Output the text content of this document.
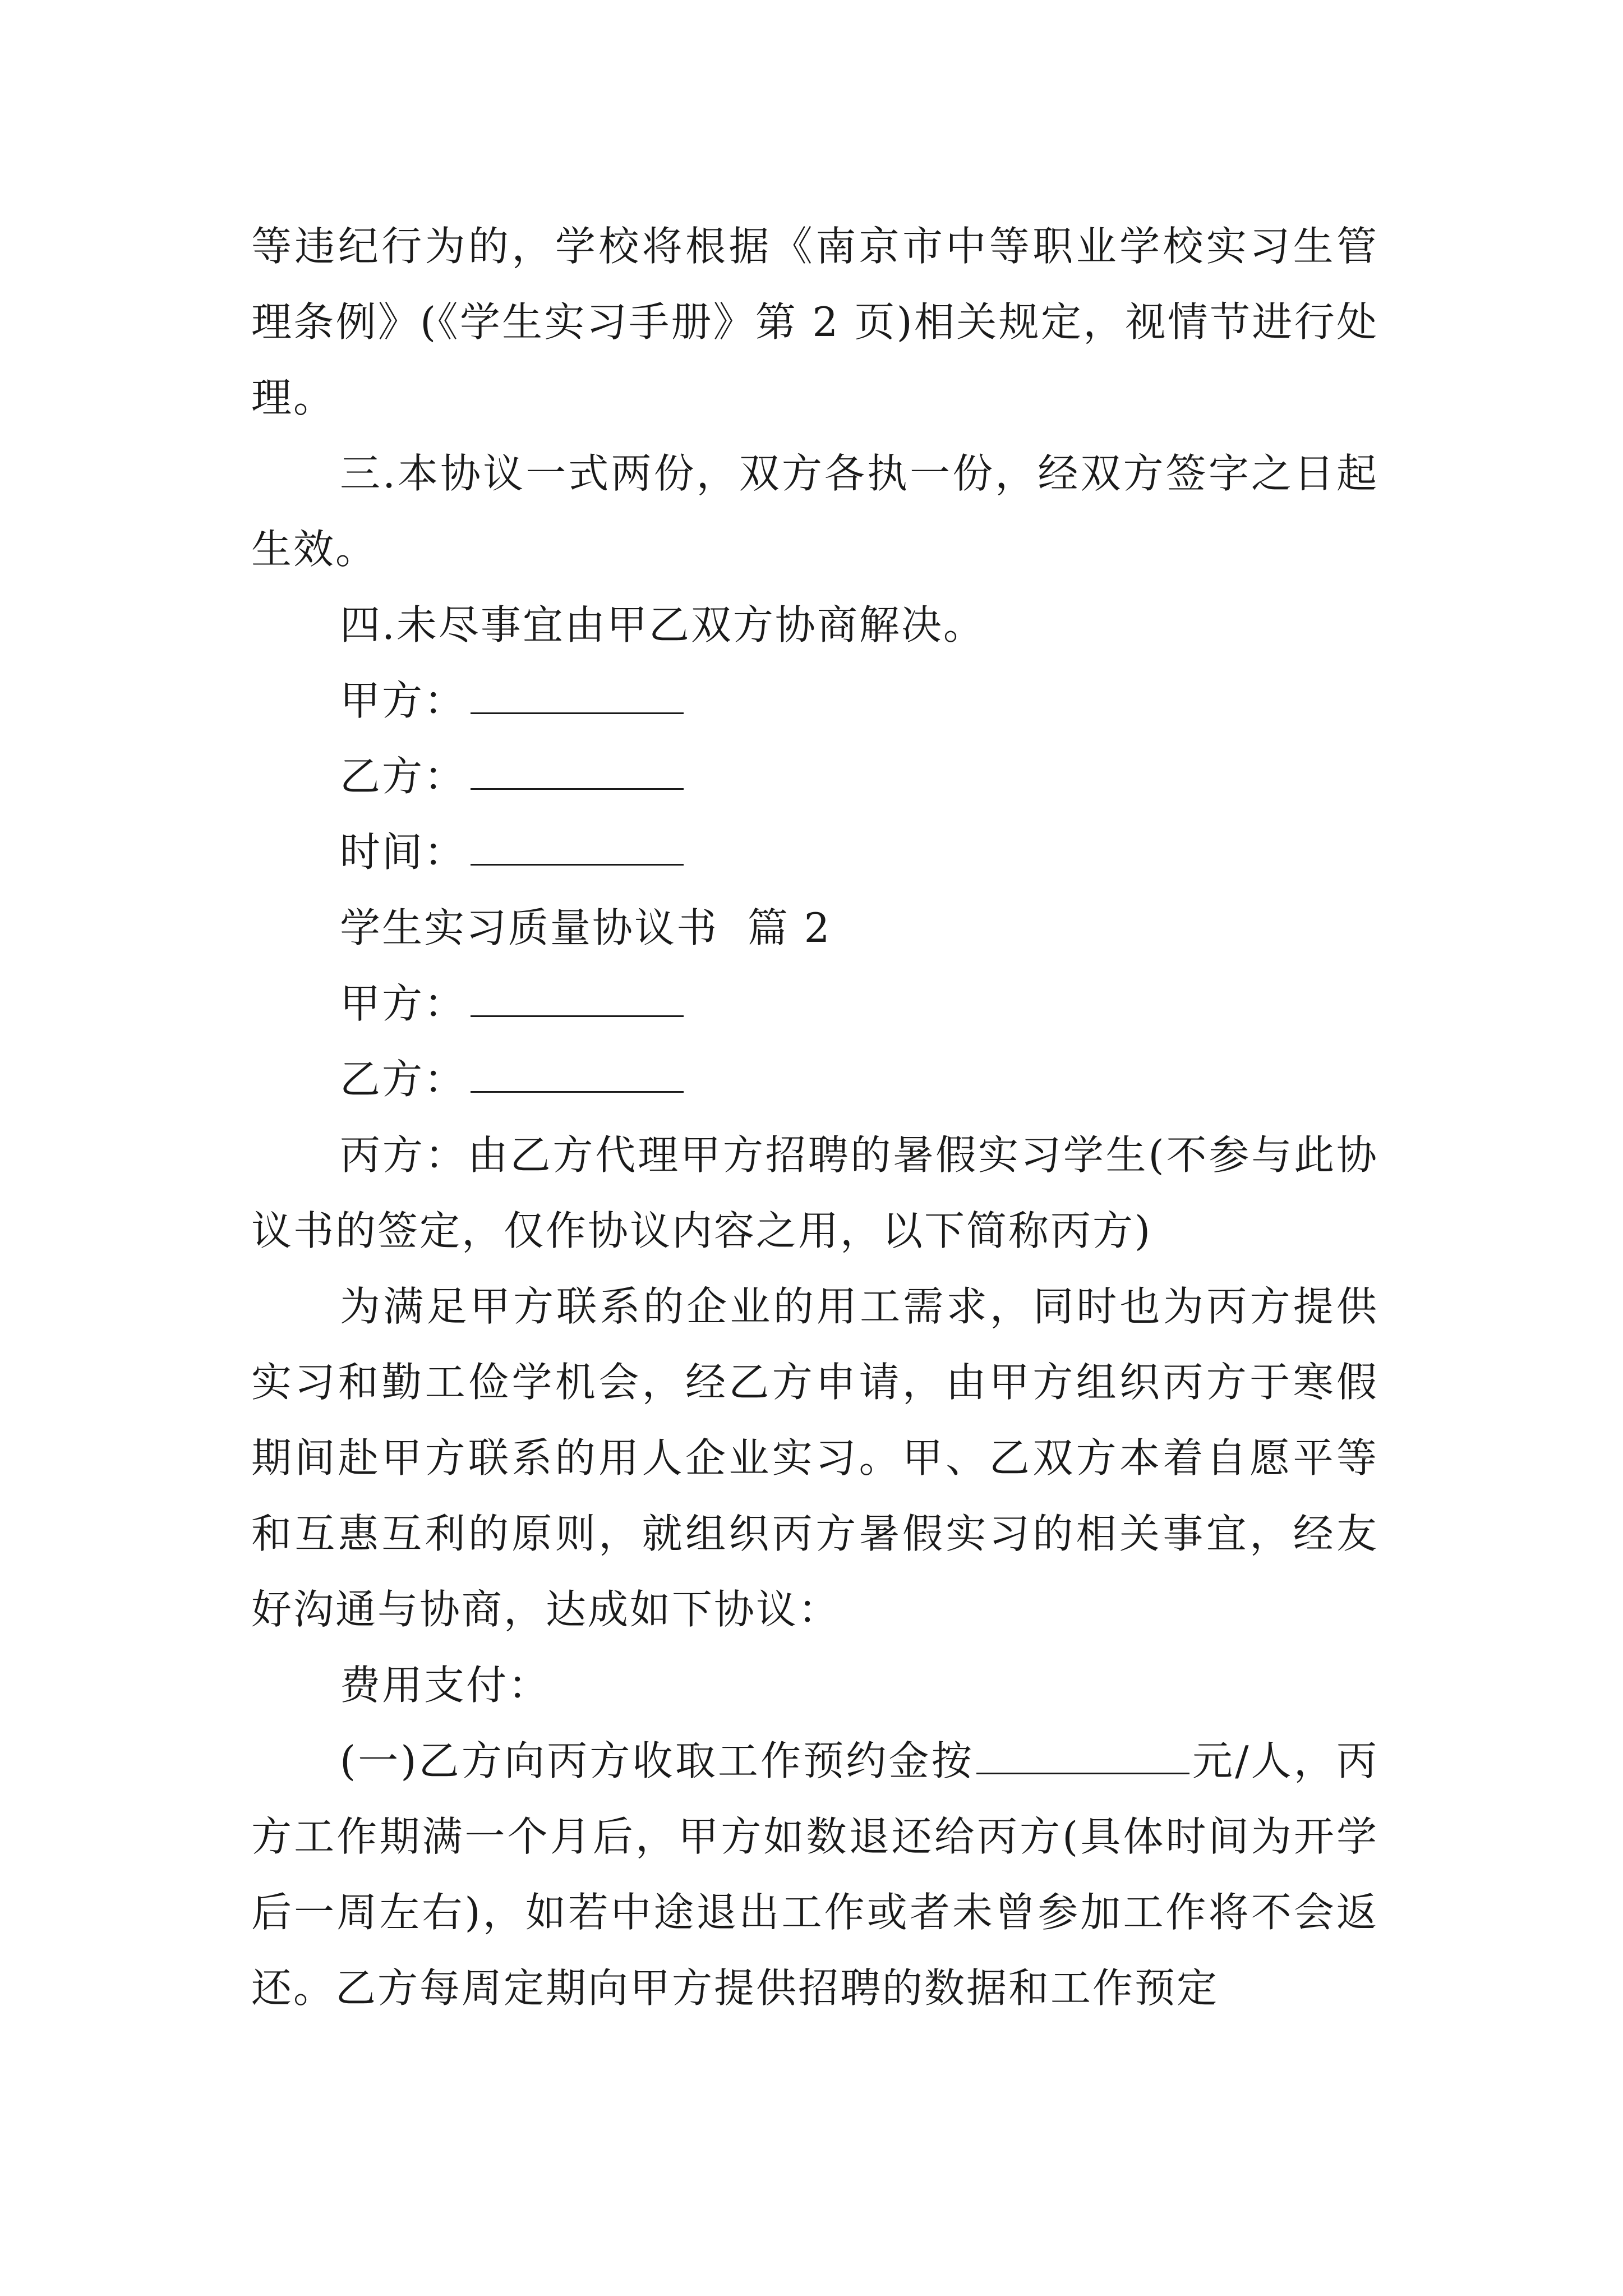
等违纪行为的，学校将根据《南京市中等职业学校实习生管理条例》(《学生实习手册》第 2 页)相关规定，视情节进行处理。

三.本协议一式两份，双方各执一份，经双方签字之日起生效。

四.未尽事宜由甲乙双方协商解决。

甲方：

乙方：

时间：

学生实习质量协议书  篇 2

甲方：

乙方：

丙方：由乙方代理甲方招聘的暑假实习学生(不参与此协议书的签定，仅作协议内容之用，以下简称丙方)

为满足甲方联系的企业的用工需求，同时也为丙方提供实习和勤工俭学机会，经乙方申请，由甲方组织丙方于寒假期间赴甲方联系的用人企业实习。甲、乙双方本着自愿平等和互惠互利的原则，就组织丙方暑假实习的相关事宜，经友好沟通与协商，达成如下协议：

费用支付：

(一)乙方向丙方收取工作预约金按	元/人，丙方工作期满一个月后，甲方如数退还给丙方(具体时间为开学后一周左右)，如若中途退出工作或者未曾参加工作将不会返还。乙方每周定期向甲方提供招聘的数据和工作预定
